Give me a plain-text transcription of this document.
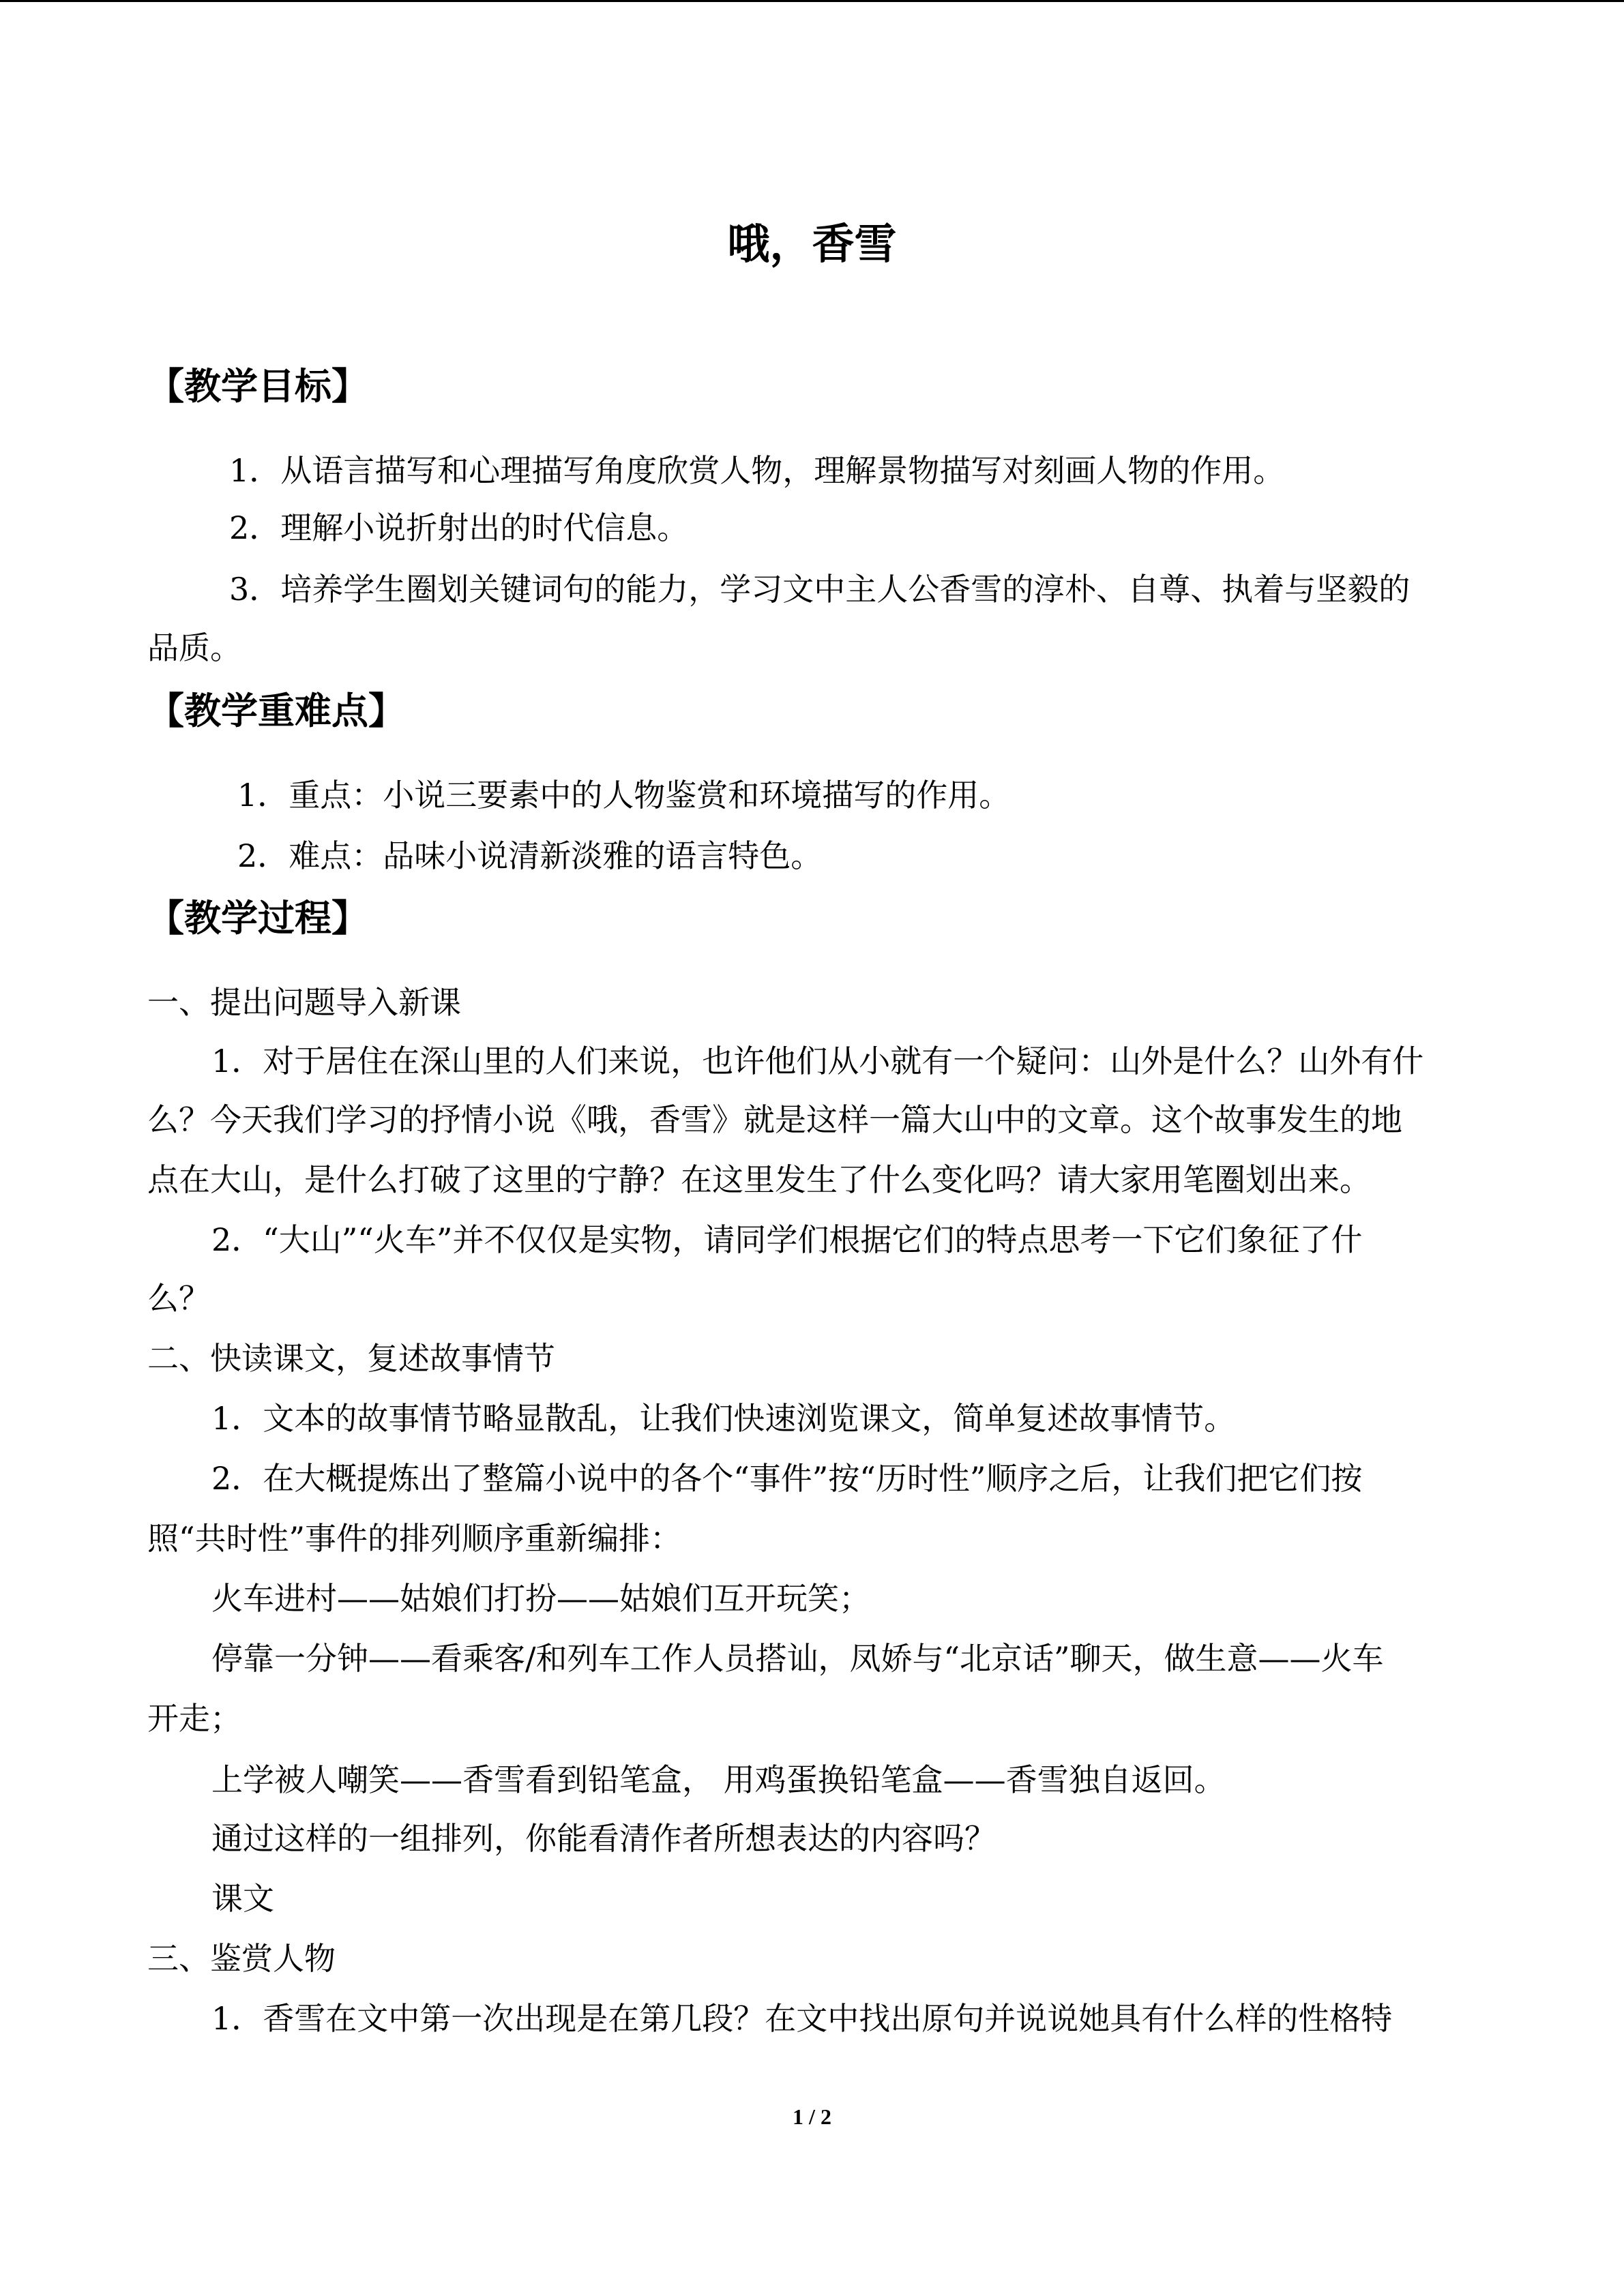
哦，香雪
【教学目标】
1．从语言描写和心理描写角度欣赏人物，理解景物描写对刻画人物的作用。
2．理解小说折射出的时代信息。
3．培养学生圈划关键词句的能力，学习文中主人公香雪的淳朴、自尊、执着与坚毅的
品质。
【教学重难点】
1．重点：小说三要素中的人物鉴赏和环境描写的作用。
2．难点：品味小说清新淡雅的语言特色。
【教学过程】
一、提出问题导入新课
1．对于居住在深山里的人们来说，也许他们从小就有一个疑问：山外是什么？山外有什
么？今天我们学习的抒情小说《哦，香雪》就是这样一篇大山中的文章。这个故事发生的地
点在大山，是什么打破了这里的宁静？在这里发生了什么变化吗？请大家用笔圈划出来。
2．“大山”“火车”并不仅仅是实物，请同学们根据它们的特点思考一下它们象征了什
么？
二、快读课文，复述故事情节
1．文本的故事情节略显散乱，让我们快速浏览课文，简单复述故事情节。
2．在大概提炼出了整篇小说中的各个“事件”按“历时性”顺序之后，让我们把它们按
照“共时性”事件的排列顺序重新编排：
火车进村——姑娘们打扮——姑娘们互开玩笑；
停靠一分钟——看乘客/和列车工作人员搭讪，凤娇与“北京话”聊天，做生意——火车
开走；
上学被人嘲笑——香雪看到铅笔盒， 用鸡蛋换铅笔盒——香雪独自返回。
通过这样的一组排列，你能看清作者所想表达的内容吗？
课文
三、鉴赏人物
1．香雪在文中第一次出现是在第几段？在文中找出原句并说说她具有什么样的性格特
1 / 2
